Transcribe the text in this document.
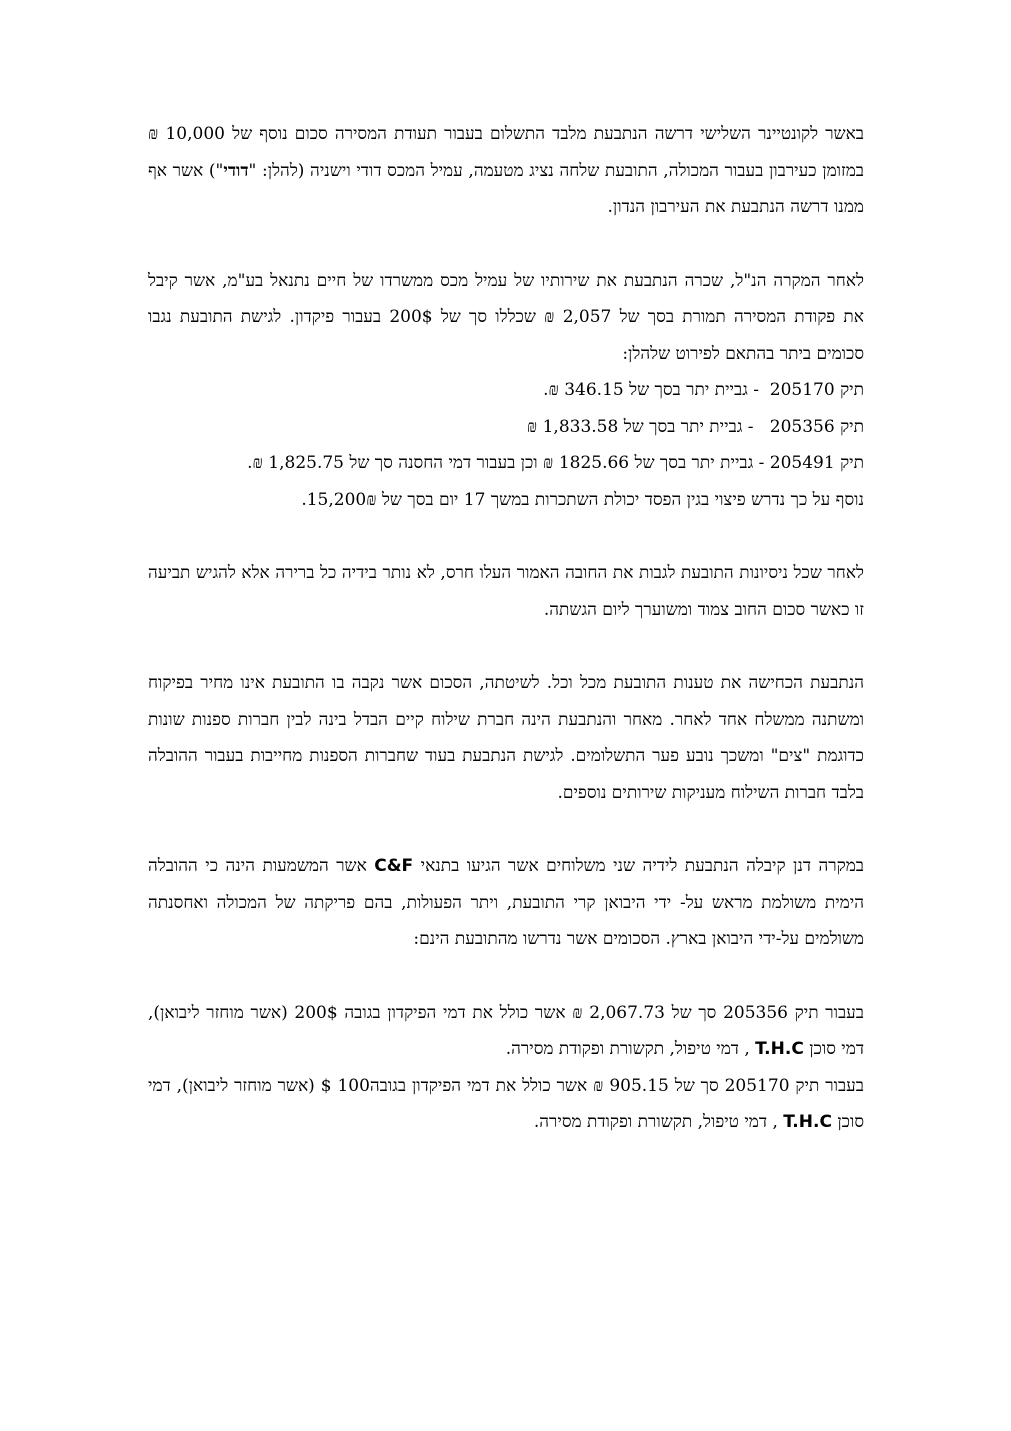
באשר לקונטיינר השלישי דרשה הנתבעת מלבד התשלום בעבור תעודת המסירה סכום נוסף של 10,000 ₪ במזומן כעירבון בעבור המכולה, התובעת שלחה נציג מטעמה, עמיל המכס דודי וישניה (להלן: "דודי") אשר אף ממנו דרשה הנתבעת את העירבון הנדון.

לאחר המקרה הנ"ל, שכרה הנתבעת את שירותיו של עמיל מכס ממשרדו של חיים נתנאל בע"מ, אשר קיבל את פקודת המסירה תמורת בסך של 2,057 ₪ שכללו סך של 200$ בעבור פיקדון. לגישת התובעת נגבו סכומים ביתר בהתאם לפירוט שלהלן:
תיק 205170  - גביית יתר בסך של 346.15 ₪.
תיק 205356   - גביית יתר בסך של 1,833.58 ₪
תיק 205491 - גביית יתר בסך של 1825.66 ₪ וכן בעבור דמי החסנה סך של 1,825.75 ₪.
נוסף על כך נדרש פיצוי בגין הפסד יכולת השתכרות במשך 17 יום בסך של 15,200₪.

לאחר שכל ניסיונות התובעת לגבות את החובה האמור העלו חרס, לא נותר בידיה כל ברירה אלא להגיש תביעה זו כאשר סכום החוב צמוד ומשוערך ליום הגשתה.

הנתבעת הכחישה את טענות התובעת מכל וכל. לשיטתה, הסכום אשר נקבה בו התובעת אינו מחיר בפיקוח ומשתנה ממשלח אחד לאחר. מאחר והנתבעת הינה חברת שילוח קיים הבדל בינה לבין חברות ספנות שונות כדוגמת "צים" ומשכך נובע פער התשלומים. לגישת הנתבעת בעוד שחברות הספנות מחייבות בעבור ההובלה בלבד חברות השילוח מעניקות שירותים נוספים.

במקרה דנן קיבלה הנתבעת לידיה שני משלוחים אשר הגיעו בתנאי C&F אשר המשמעות הינה כי ההובלה הימית משולמת מראש על- ידי היבואן קרי התובעת, ויתר הפעולות, בהם פריקתה של המכולה ואחסנתה משולמים על-ידי היבואן בארץ. הסכומים אשר נדרשו מהתובעת הינם:

בעבור תיק 205356 סך של 2,067.73 ₪ אשר כולל את דמי הפיקדון בגובה 200$ (אשר מוחזר ליבואן), דמי סוכן T.H.C , דמי טיפול, תקשורת ופקודת מסירה.
בעבור תיק 205170 סך של 905.15 ₪ אשר כולל את דמי הפיקדון בגובה100 $ (אשר מוחזר ליבואן), דמי סוכן T.H.C , דמי טיפול, תקשורת ופקודת מסירה.
